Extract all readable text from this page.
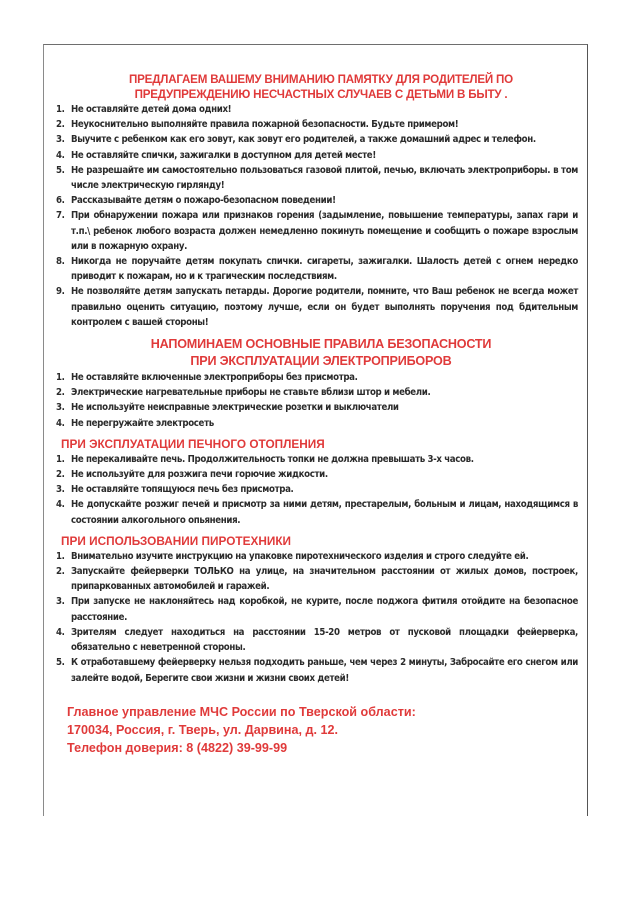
ПРЕДЛАГАЕМ ВАШЕМУ ВНИМАНИЮ ПАМЯТКУ ДЛЯ РОДИТЕЛЕЙ ПО
ПРЕДУПРЕЖДЕНИЮ НЕСЧАСТНЫХ СЛУЧАЕВ С ДЕТЬМИ В БЫТУ .
1. Не оставляйте детей дома одних!
2. Неукоснительно выполняйте правила пожарной безопасности. Будьте примером!
3. Выучите с ребенком как его зовут, как зовут его родителей, а также домашний адрес и телефон.
4. Не оставляйте спички, зажигалки в доступном для детей месте!
5. Не разрешайте им самостоятельно пользоваться газовой плитой, печью, включать электроприборы. в том числе электрическую гирлянду!
6. Рассказывайте детям о пожаро-безопасном поведении!
7. При обнаружении пожара или признаков горения (задымление, повышение температуры, запах гари и т.п.\ ребенок любого возраста должен немедленно покинуть помещение и сообщить о пожаре взрослым или в пожарную охрану.
8. Никогда не поручайте детям покупать спички. сигареты, зажигалки. Шалость детей с огнем нередко приводит к пожарам, но и к трагическим последствиям.
9. Не позволяйте детям запускать петарды. Дорогие родители, помните, что Ваш ребенок не всегда может правильно оценить ситуацию, поэтому лучше, если он будет выполнять поручения под бдительным контролем с вашей стороны!
НАПОМИНАЕМ ОСНОВНЫЕ ПРАВИЛА БЕЗОПАСНОСТИ
ПРИ ЭКСПЛУАТАЦИИ ЭЛЕКТРОПРИБОРОВ
1. Не оставляйте включенные электроприборы без присмотра.
2. Электрические нагревательные приборы не ставьте вблизи штор и мебели.
3. Не используйте неисправные электрические розетки и выключатели
4. Не перегружайте электросеть
ПРИ ЭКСПЛУАТАЦИИ ПЕЧНОГО ОТОПЛЕНИЯ
1. Не перекаливайте печь. Продолжительность топки не должна превышать 3-х часов.
2. Не используйте для розжига печи горючие жидкости.
3. Не оставляйте топящуюся печь без присмотра.
4. Не допускайте розжиг печей и присмотр за ними детям, престарелым, больным и лицам, находящимся в состоянии алкогольного опьянения.
ПРИ ИСПОЛЬЗОВАНИИ ПИРОТЕХНИКИ
1. Внимательно изучите инструкцию на упаковке пиротехнического изделия и строго следуйте ей.
2. Запускайте фейерверки ТОЛЬКО на улице, на значительном расстоянии от жилых домов, построек, припаркованных автомобилей и гаражей.
3. При запуске не наклоняйтесь над коробкой, не курите, после поджога фитиля отойдите на безопасное расстояние.
4. Зрителям следует находиться на расстоянии 15-20 метров от пусковой площадки фейерверка, обязательно с неветренной стороны.
5. К отработавшему фейерверку нельзя подходить раньше, чем через 2 минуты, Забросайте его снегом или залейте водой, Берегите свои жизни и жизни своих детей!
Главное управление МЧС России по Тверской области:
170034, Россия, г. Тверь, ул. Дарвина, д. 12.
Телефон доверия: 8 (4822) 39-99-99
